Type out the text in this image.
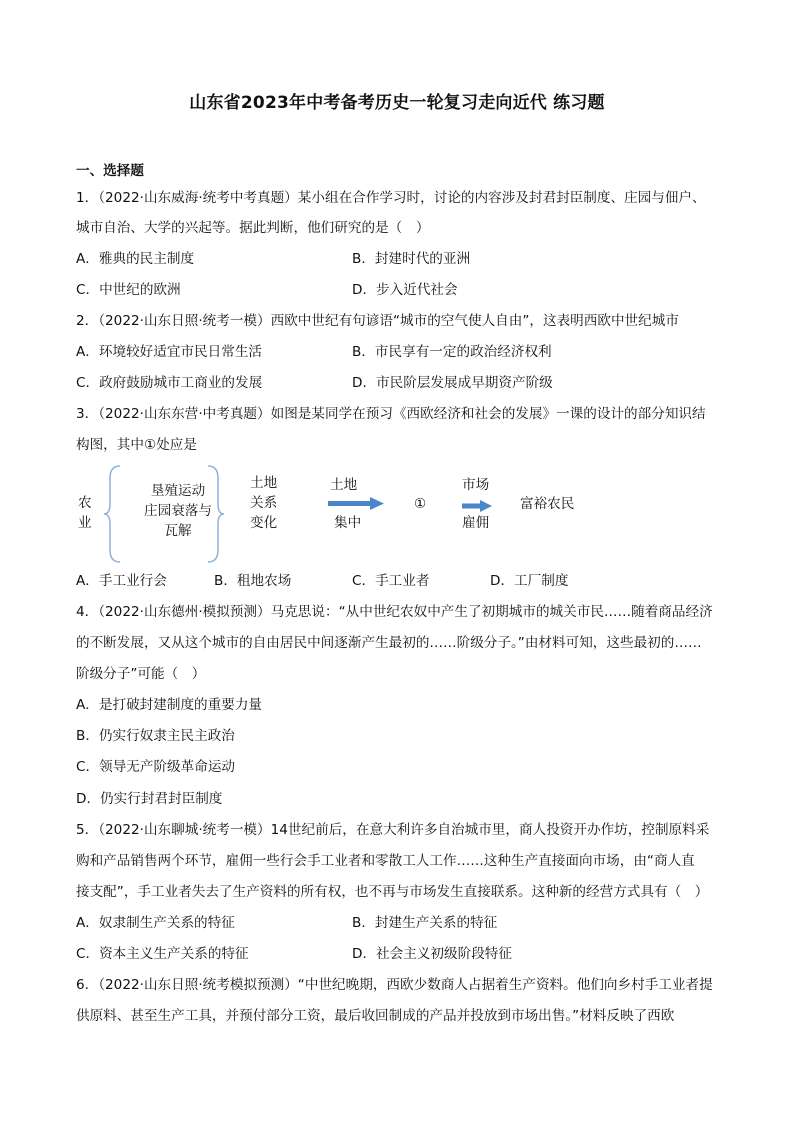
山东省2023年中考备考历史一轮复习走向近代 练习题
一、选择题
1．（2022·山东威海·统考中考真题）某小组在合作学习时，讨论的内容涉及封君封臣制度、庄园与佃户、
城市自治、大学的兴起等。据此判断，他们研究的是（　）
A．雅典的民主制度	B．封建时代的亚洲
C．中世纪的欧洲	D．步入近代社会
2．（2022·山东日照·统考一模）西欧中世纪有句谚语“城市的空气使人自由”，这表明西欧中世纪城市
A．环境较好适宜市民日常生活	B．市民享有一定的政治经济权利
C．政府鼓励城市工商业的发展	D．市民阶层发展成早期资产阶级
3．（2022·山东东营·中考真题）如图是某同学在预习《西欧经济和社会的发展》一课的设计的部分知识结
构图，其中①处应是
农
业
垦殖运动
庄园衰落与
瓦解
土地
关系
变化
土地
集中
①
市场
雇佣
富裕农民
A．手工业行会	B．租地农场	C．手工业者	D．工厂制度
4．（2022·山东德州·模拟预测）马克思说：“从中世纪农奴中产生了初期城市的城关市民……随着商品经济
的不断发展，又从这个城市的自由居民中间逐渐产生最初的……阶级分子。”由材料可知，这些最初的……
阶级分子”可能（　）
A．是打破封建制度的重要力量
B．仍实行奴隶主民主政治
C．领导无产阶级革命运动
D．仍实行封君封臣制度
5．（2022·山东聊城·统考一模）14世纪前后，在意大利许多自治城市里，商人投资开办作坊，控制原料采
购和产品销售两个环节，雇佣一些行会手工业者和零散工人工作……这种生产直接面向市场，由“商人直
接支配”，手工业者失去了生产资料的所有权，也不再与市场发生直接联系。这种新的经营方式具有（　）
A．奴隶制生产关系的特征	B．封建生产关系的特征
C．资本主义生产关系的特征	D．社会主义初级阶段特征
6．（2022·山东日照·统考模拟预测）“中世纪晚期，西欧少数商人占据着生产资料。他们向乡村手工业者提
供原料、甚至生产工具，并预付部分工资，最后收回制成的产品并投放到市场出售。”材料反映了西欧
